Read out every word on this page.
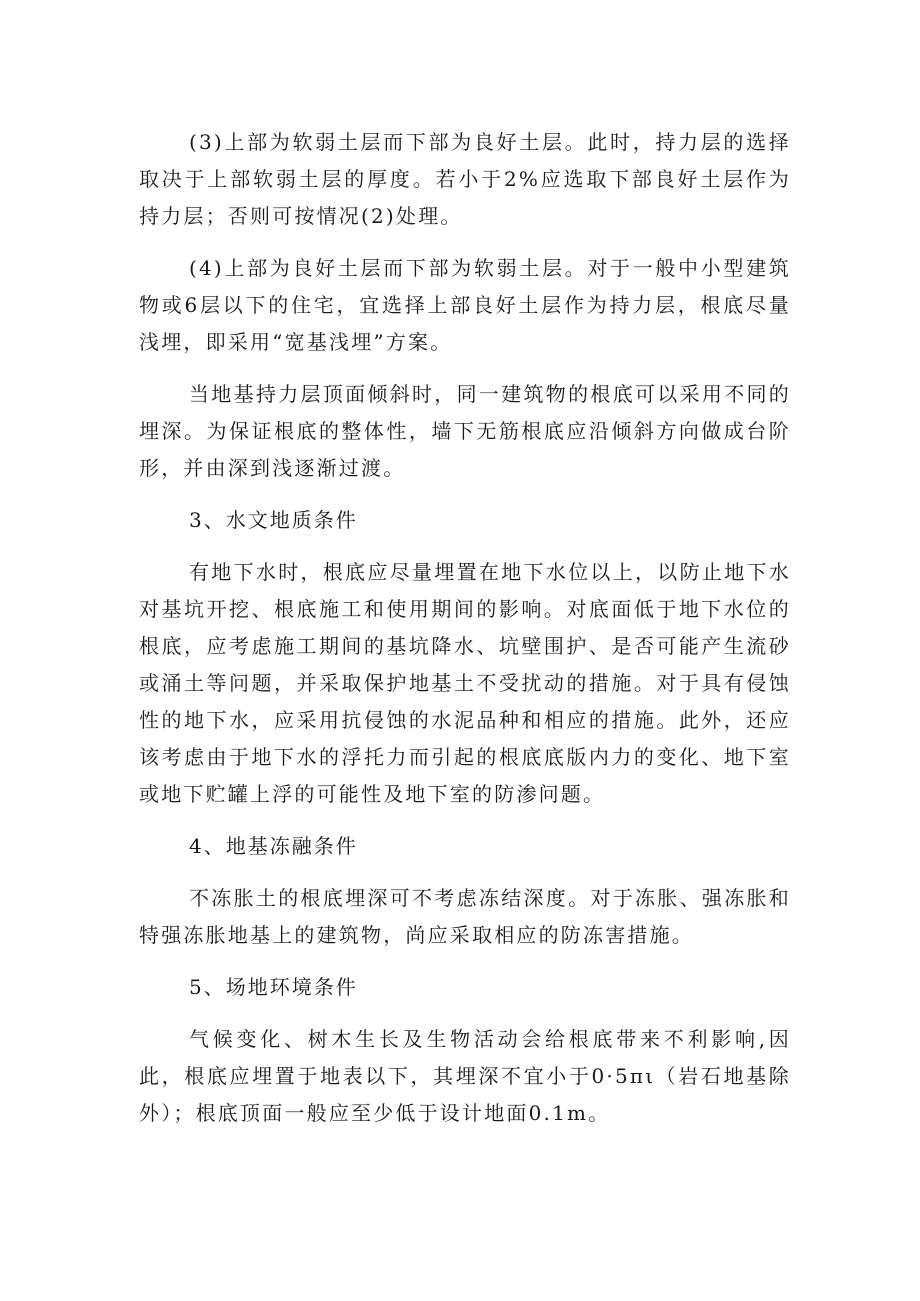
(3)上部为软弱土层而下部为良好土层。此时，持力层的选择取决于上部软弱土层的厚度。若小于2%应选取下部良好土层作为持力层；否则可按情况(2)处理。

(4)上部为良好土层而下部为软弱土层。对于一般中小型建筑物或6层以下的住宅，宜选择上部良好土层作为持力层，根底尽量浅埋，即采用“宽基浅埋”方案。

当地基持力层顶面倾斜时，同一建筑物的根底可以采用不同的埋深。为保证根底的整体性，墙下无筋根底应沿倾斜方向做成台阶形，并由深到浅逐渐过渡。

3、水文地质条件

有地下水时，根底应尽量埋置在地下水位以上，以防止地下水对基坑开挖、根底施工和使用期间的影响。对底面低于地下水位的根底，应考虑施工期间的基坑降水、坑壁围护、是否可能产生流砂或涌土等问题，并采取保护地基土不受扰动的措施。对于具有侵蚀性的地下水，应采用抗侵蚀的水泥品种和相应的措施。此外，还应该考虑由于地下水的浮托力而引起的根底底版内力的变化、地下室或地下贮罐上浮的可能性及地下室的防渗问题。

4、地基冻融条件

不冻胀土的根底埋深可不考虑冻结深度。对于冻胀、强冻胀和特强冻胀地基上的建筑物，尚应采取相应的防冻害措施。

5、场地环境条件

气候变化、树木生长及生物活动会给根底带来不利影响,因此，根底应埋置于地表以下，其埋深不宜小于0·5πι（岩石地基除外）；根底顶面一般应至少低于设计地面0.1m。
